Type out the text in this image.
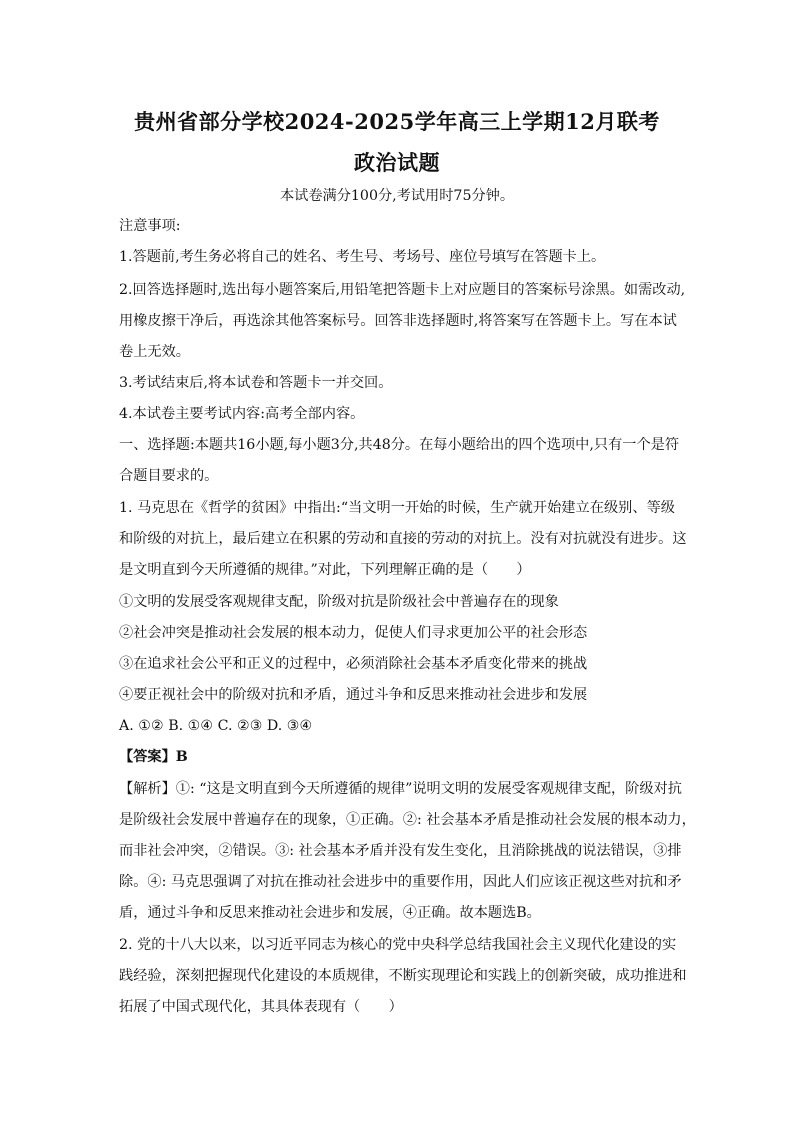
贵州省部分学校2024-2025学年高三上学期12月联考
政治试题
本试卷满分100分,考试用时75分钟。
注意事项:
1.答题前,考生务必将自己的姓名、考生号、考场号、座位号填写在答题卡上。
2.回答选择题时,选出每小题答案后,用铅笔把答题卡上对应题目的答案标号涂黑。如需改动,
用橡皮擦干净后，再选涂其他答案标号。回答非选择题时,将答案写在答题卡上。写在本试
卷上无效。
3.考试结束后,将本试卷和答题卡一并交回。
4.本试卷主要考试内容:高考全部内容。
一、选择题:本题共16小题,每小题3分,共48分。在每小题给出的四个选项中,只有一个是符
合题目要求的。
1. 马克思在《哲学的贫困》中指出:“当文明一开始的时候，生产就开始建立在级别、等级
和阶级的对抗上，最后建立在积累的劳动和直接的劳动的对抗上。没有对抗就没有进步。这
是文明直到今天所遵循的规律。”对此，下列理解正确的是（　　）
①文明的发展受客观规律支配，阶级对抗是阶级社会中普遍存在的现象
②社会冲突是推动社会发展的根本动力，促使人们寻求更加公平的社会形态
③在追求社会公平和正义的过程中，必须消除社会基本矛盾变化带来的挑战
④要正视社会中的阶级对抗和矛盾，通过斗争和反思来推动社会进步和发展
A. ①② B. ①④ C. ②③ D. ③④
【答案】B
【解析】①: “这是文明直到今天所遵循的规律”说明文明的发展受客观规律支配，阶级对抗
是阶级社会发展中普遍存在的现象，①正确。②: 社会基本矛盾是推动社会发展的根本动力，
而非社会冲突，②错误。③: 社会基本矛盾并没有发生变化，且消除挑战的说法错误，③排
除。④: 马克思强调了对抗在推动社会进步中的重要作用，因此人们应该正视这些对抗和矛
盾，通过斗争和反思来推动社会进步和发展，④正确。故本题选B。
2. 党的十八大以来，以习近平同志为核心的党中央科学总结我国社会主义现代化建设的实
践经验，深刻把握现代化建设的本质规律，不断实现理论和实践上的创新突破，成功推进和
拓展了中国式现代化，其具体表现有（　　）
